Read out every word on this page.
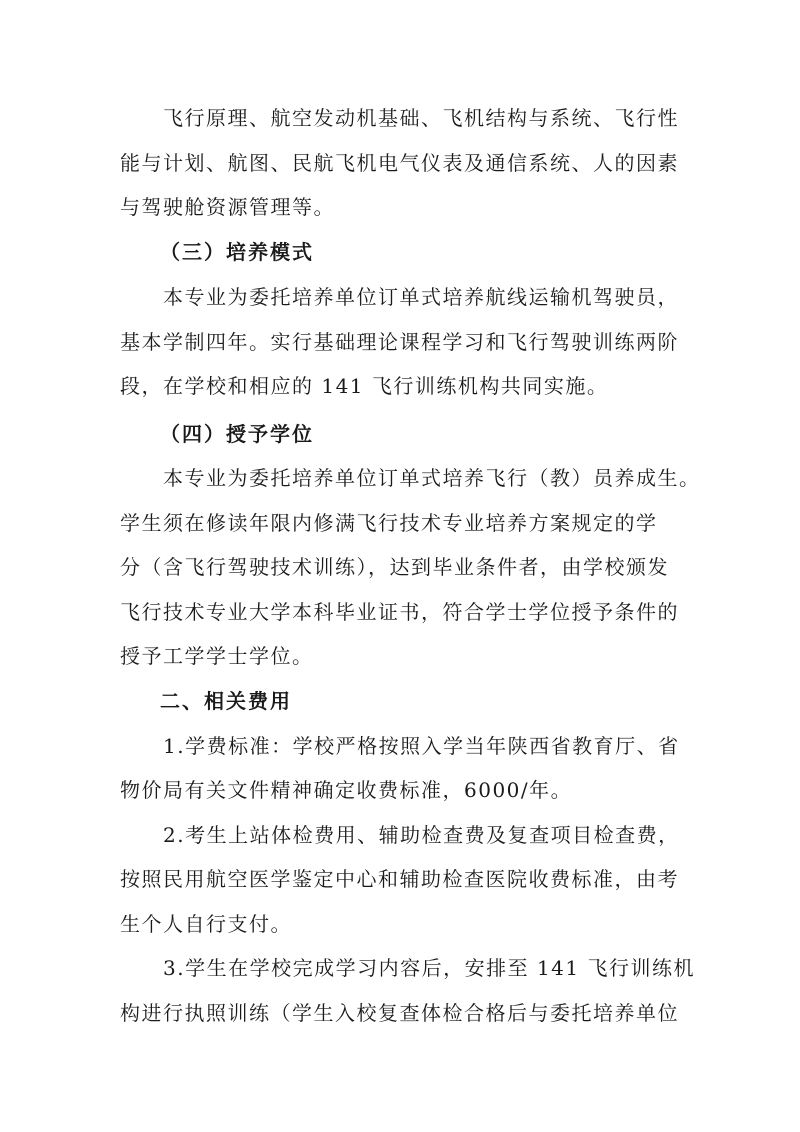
飞行原理、航空发动机基础、飞机结构与系统、飞行性
能与计划、航图、民航飞机电气仪表及通信系统、人的因素
与驾驶舱资源管理等。
（三）培养模式
本专业为委托培养单位订单式培养航线运输机驾驶员，
基本学制四年。实行基础理论课程学习和飞行驾驶训练两阶
段，在学校和相应的 141 飞行训练机构共同实施。
（四）授予学位
本专业为委托培养单位订单式培养飞行（教）员养成生。
学生须在修读年限内修满飞行技术专业培养方案规定的学
分（含飞行驾驶技术训练），达到毕业条件者，由学校颁发
飞行技术专业大学本科毕业证书，符合学士学位授予条件的
授予工学学士学位。
二、相关费用
1.学费标准：学校严格按照入学当年陕西省教育厅、省
物价局有关文件精神确定收费标准，6000/年。
2.考生上站体检费用、辅助检查费及复查项目检查费，
按照民用航空医学鉴定中心和辅助检查医院收费标准，由考
生个人自行支付。
3.学生在学校完成学习内容后，安排至 141 飞行训练机
构进行执照训练（学生入校复查体检合格后与委托培养单位
